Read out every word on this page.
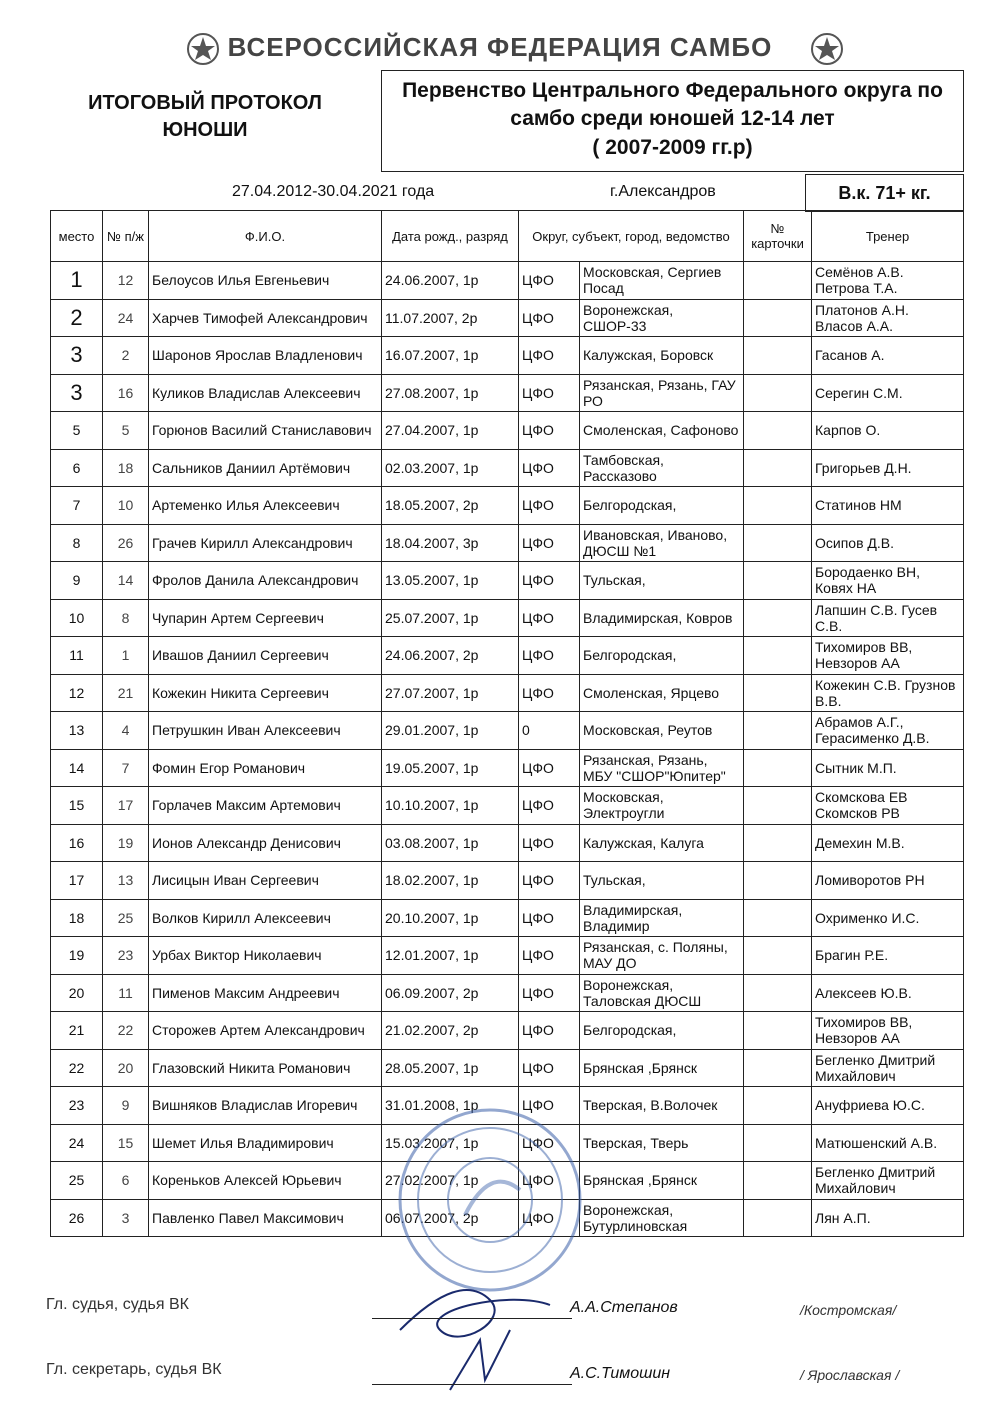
ВСЕРОССИЙСКАЯ ФЕДЕРАЦИЯ САМБО
ИТОГОВЫЙ ПРОТОКОЛ
ЮНОШИ
Первенство Центрального Федерального округа по
самбо среди юношей 12-14 лет
( 2007-2009 гг.р)
27.04.2012-30.04.2021 года	г.Александров	В.к. 71+ кг.
место	№ п/ж	Ф.И.О.	Дата рожд., разряд	Округ, субъект, город, ведомство		№ карточки	Тренер
1	12	Белоусов Илья Евгеньевич	24.06.2007, 1р	ЦФО	Московская, Сергиев Посад		Семёнов А.В. Петрова Т.А.
2	24	Харчев Тимофей Александрович	11.07.2007, 2р	ЦФО	Воронежская, СШОР-33		Платонов А.Н. Власов А.А.
3	2	Шаронов Ярослав Владленович	16.07.2007, 1р	ЦФО	Калужская, Боровск		Гасанов А.
3	16	Куликов Владислав Алексеевич	27.08.2007, 1р	ЦФО	Рязанская, Рязань, ГАУ РО		Серегин С.М.
5	5	Горюнов Василий Станиславович	27.04.2007, 1р	ЦФО	Смоленская, Сафоново		Карпов О.
6	18	Сальников Даниил Артёмович	02.03.2007, 1р	ЦФО	Тамбовская, Рассказово		Григорьев Д.Н.
7	10	Артеменко Илья Алексеевич	18.05.2007, 2р	ЦФО	Белгородская,		Статинов НМ
8	26	Грачев Кирилл Александрович	18.04.2007, 3р	ЦФО	Ивановская, Иваново, ДЮСШ №1		Осипов Д.В.
9	14	Фролов Данила Александрович	13.05.2007, 1р	ЦФО	Тульская,		Бородаенко ВН, Ковях НА
10	8	Чупарин Артем Сергеевич	25.07.2007, 1р	ЦФО	Владимирская, Ковров		Лапшин С.В. Гусев С.В.
11	1	Ивашов Даниил Сергеевич	24.06.2007, 2р	ЦФО	Белгородская,		Тихомиров ВВ, Невзоров АА
12	21	Кожекин Никита Сергеевич	27.07.2007, 1р	ЦФО	Смоленская, Ярцево		Кожекин С.В. Грузнов В.В.
13	4	Петрушкин Иван Алексеевич	29.01.2007, 1р	0	Московская, Реутов		Абрамов А.Г., Герасименко Д.В.
14	7	Фомин Егор Романович	19.05.2007, 1р	ЦФО	Рязанская, Рязань, МБУ "СШОР"Юпитер"		Сытник М.П.
15	17	Горлачев Максим Артемович	10.10.2007, 1р	ЦФО	Московская, Электроугли		Скомскова ЕВ Скомсков РВ
16	19	Ионов Александр Денисович	03.08.2007, 1р	ЦФО	Калужская, Калуга		Демехин М.В.
17	13	Лисицын Иван Сергеевич	18.02.2007, 1р	ЦФО	Тульская,		Ломиворотов РН
18	25	Волков Кирилл Алексеевич	20.10.2007, 1р	ЦФО	Владимирская, Владимир		Охрименко И.С.
19	23	Урбах Виктор Николаевич	12.01.2007, 1р	ЦФО	Рязанская, с. Поляны, МАУ ДО		Брагин Р.Е.
20	11	Пименов Максим Андреевич	06.09.2007, 2р	ЦФО	Воронежская, Таловская ДЮСШ		Алексеев Ю.В.
21	22	Сторожев Артем Александрович	21.02.2007, 2р	ЦФО	Белгородская,		Тихомиров ВВ, Невзоров АА
22	20	Глазовский Никита Романович	28.05.2007, 1р	ЦФО	Брянская ,Брянск		Бегленко Дмитрий Михайлович
23	9	Вишняков Владислав Игоревич	31.01.2008, 1р	ЦФО	Тверская, В.Волочек		Ануфриева Ю.С.
24	15	Шемет Илья Владимирович	15.03.2007, 1р	ЦФО	Тверская, Тверь		Матюшенский А.В.
25	6	Кореньков Алексей Юрьевич	27.02.2007, 1р	ЦФО	Брянская ,Брянск		Бегленко Дмитрий Михайлович
26	3	Павленко Павел Максимович	06.07.2007, 2р	ЦФО	Воронежская, Бутурлиновская		Лян А.П.
Гл. судья, судья ВК	А.А.Степанов	/Костромская/
Гл. секретарь, судья ВК	А.С.Тимошин	/ Ярославская /
